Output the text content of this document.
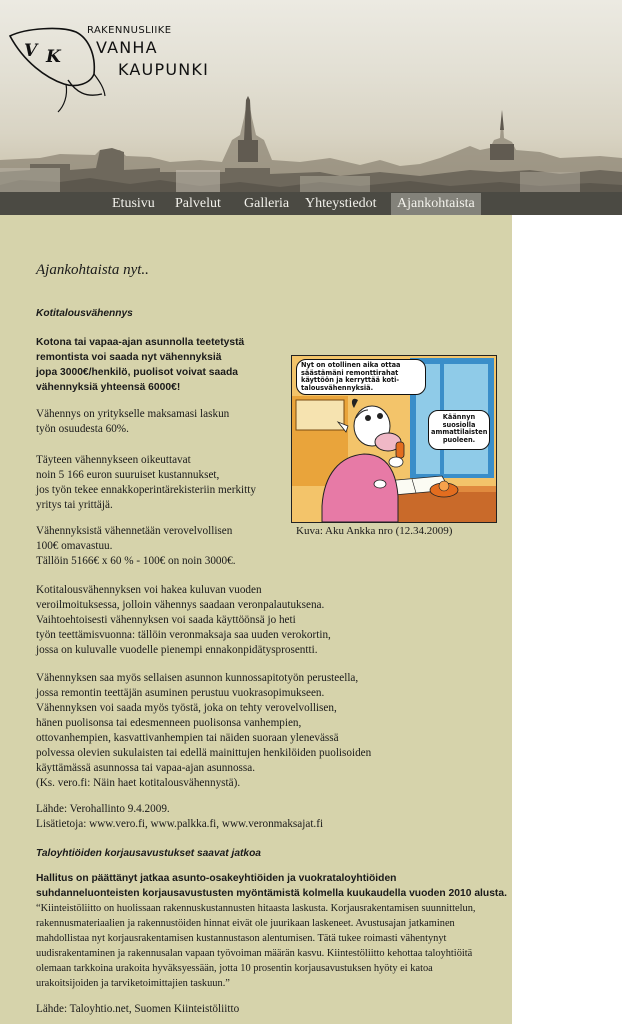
V K
RAKENNUSLIIKE
VANHA
KAUPUNKI
Etusivu Palvelut Galleria Yhteystiedot	Ajankohtaista
Ajankohtaista nyt..

Kotitalousvähennys

Kotona tai vapaa-ajan asunnolla teetetystä

remontista voi saada nyt vähennyksiä

jopa 3000€/henkilö, puolisot voivat saada

vähennyksiä yhteensä 6000€!

Vähennys on yritykselle maksamasi laskun

työn osuudesta 60%.

Täyteen vähennykseen oikeuttavat

noin 5 166 euron suuruiset kustannukset,

jos työn tekee ennakkoperintärekisteriin merkitty

yritys tai yrittäjä.

Vähennyksistä vähennetään verovelvollisen

100€ omavastuu.

Tällöin 5166€ x 60 % - 100€ on noin 3000€.

Kotitalousvähennyksen voi hakea kuluvan vuoden

veroilmoituksessa, jolloin vähennys saadaan veronpalautuksena.

Vaihtoehtoisesti vähennyksen voi saada käyttöönsä jo heti

työn teettämisvuonna: tällöin veronmaksaja saa uuden verokortin,

jossa on kuluvalle vuodelle pienempi ennakonpidätysprosentti.

Vähennyksen saa myös sellaisen asunnon kunnossapitotyön perusteella,

jossa remontin teettäjän asuminen perustuu vuokrasopimukseen.

Vähennyksen voi saada myös työstä, joka on tehty verovelvollisen,

hänen puolisonsa tai edesmenneen puolisonsa vanhempien,

ottovanhempien, kasvattivanhempien tai näiden suoraan ylenevässä

polvessa olevien sukulaisten tai edellä mainittujen henkilöiden puolisoiden

käyttämässä asunnossa tai vapaa-ajan asunnossa.

(Ks. vero.fi: Näin haet kotitalousvähennystä).

Lähde: Verohallinto 9.4.2009.

Lisätietoja: www.vero.fi, www.palkka.fi, www.veronmaksajat.fi

Taloyhtiöiden korjausavustukset saavat jatkoa

Hallitus on päättänyt jatkaa asunto-osakeyhtiöiden ja vuokrataloyhtiöiden

suhdanneluonteisten korjausavustusten myöntämistä kolmella kuukaudella vuoden 2010 alusta.

“Kiinteistöliitto on huolissaan rakennuskustannusten hitaasta laskusta. Korjausrakentamisen suunnittelun,

rakennusmateriaalien ja rakennustöiden hinnat eivät ole juurikaan laskeneet. Avustusajan jatkaminen

mahdollistaa nyt korjausrakentamisen kustannustason alentumisen. Tätä tukee roimasti vähentynyt

uudisrakentaminen ja rakennusalan vapaan työvoiman määrän kasvu. Kiintestöliitto kehottaa taloyhtiöitä

olemaan tarkkoina urakoita hyväksyessään, jotta 10 prosentin korjausavustuksen hyöty ei katoa

urakoitsijoiden ja tarviketoimittajien taskuun.”

Lähde: Taloyhtio.net, Suomen Kiinteistöliitto

Nyt on otollinen aika ottaa
säästämäni remonttirahat
käyttöön ja kerryttää koti-
talousvähennyksiä.
Käännyn
suosiolla
ammattilaisten
puoleen.
Kuva: Aku Ankka nro (12.34.2009)
